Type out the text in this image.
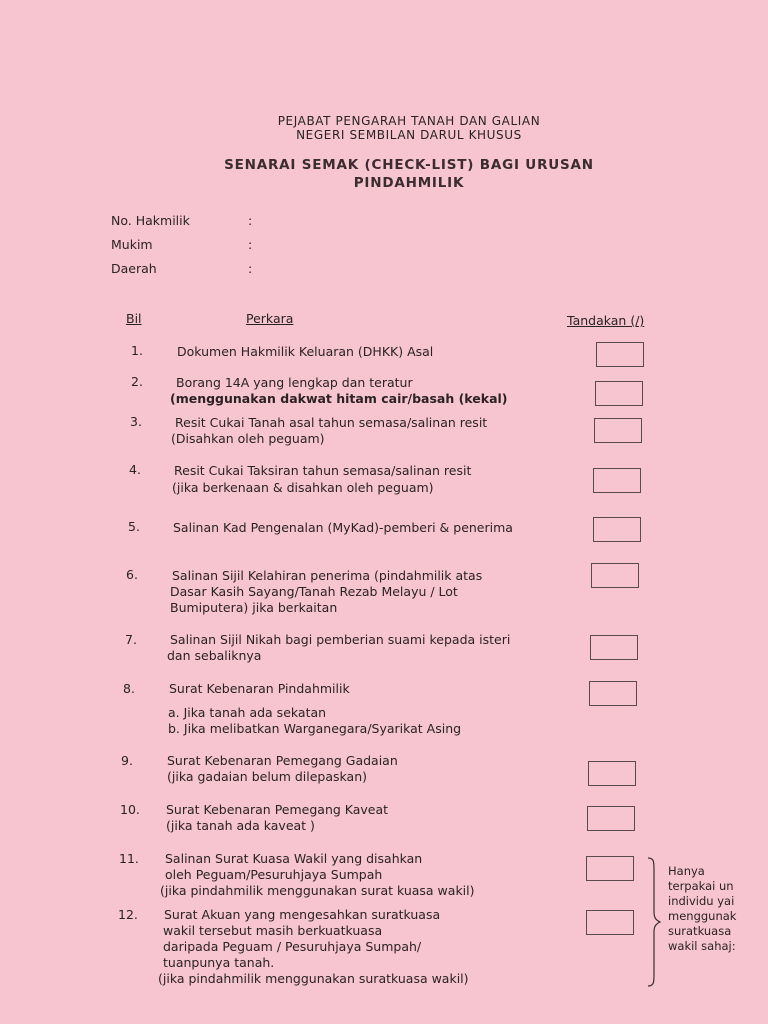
PEJABAT PENGARAH TANAH DAN GALIAN
NEGERI SEMBILAN DARUL KHUSUS
SENARAI SEMAK (CHECK-LIST) BAGI URUSAN
PINDAHMILIK
No. Hakmilik	:
Mukim	:
Daerah	:
Bil	Perkara	Tandakan (/)
1.	Dokumen Hakmilik Keluaran (DHKK) Asal
2.	Borang 14A yang lengkap dan teratur
(menggunakan dakwat hitam cair/basah (kekal)
3.	Resit Cukai Tanah asal tahun semasa/salinan resit
(Disahkan oleh peguam)
4.	Resit Cukai Taksiran tahun semasa/salinan resit
(jika berkenaan & disahkan oleh peguam)
5.	Salinan Kad Pengenalan (MyKad)-pemberi & penerima
6.	Salinan Sijil Kelahiran penerima (pindahmilik atas
Dasar Kasih Sayang/Tanah Rezab Melayu / Lot
Bumiputera) jika berkaitan
7.	Salinan Sijil Nikah bagi pemberian suami kepada isteri
dan sebaliknya
8.	Surat Kebenaran Pindahmilik
a. Jika tanah ada sekatan
b. Jika melibatkan Warganegara/Syarikat Asing
9.	Surat Kebenaran Pemegang Gadaian
(jika gadaian belum dilepaskan)
10. Surat Kebenaran Pemegang Kaveat
(jika tanah ada kaveat )
11. Salinan Surat Kuasa Wakil yang disahkan
oleh Peguam/Pesuruhjaya Sumpah
(jika pindahmilik menggunakan surat kuasa wakil)
12. Surat Akuan yang mengesahkan suratkuasa
wakil tersebut masih berkuatkuasa
daripada Peguam / Pesuruhjaya Sumpah/
tuanpunya tanah.
(jika pindahmilik menggunakan suratkuasa wakil)
Hanya
terpakai un
individu yai
menggunak
suratkuasa
wakil sahaj:
